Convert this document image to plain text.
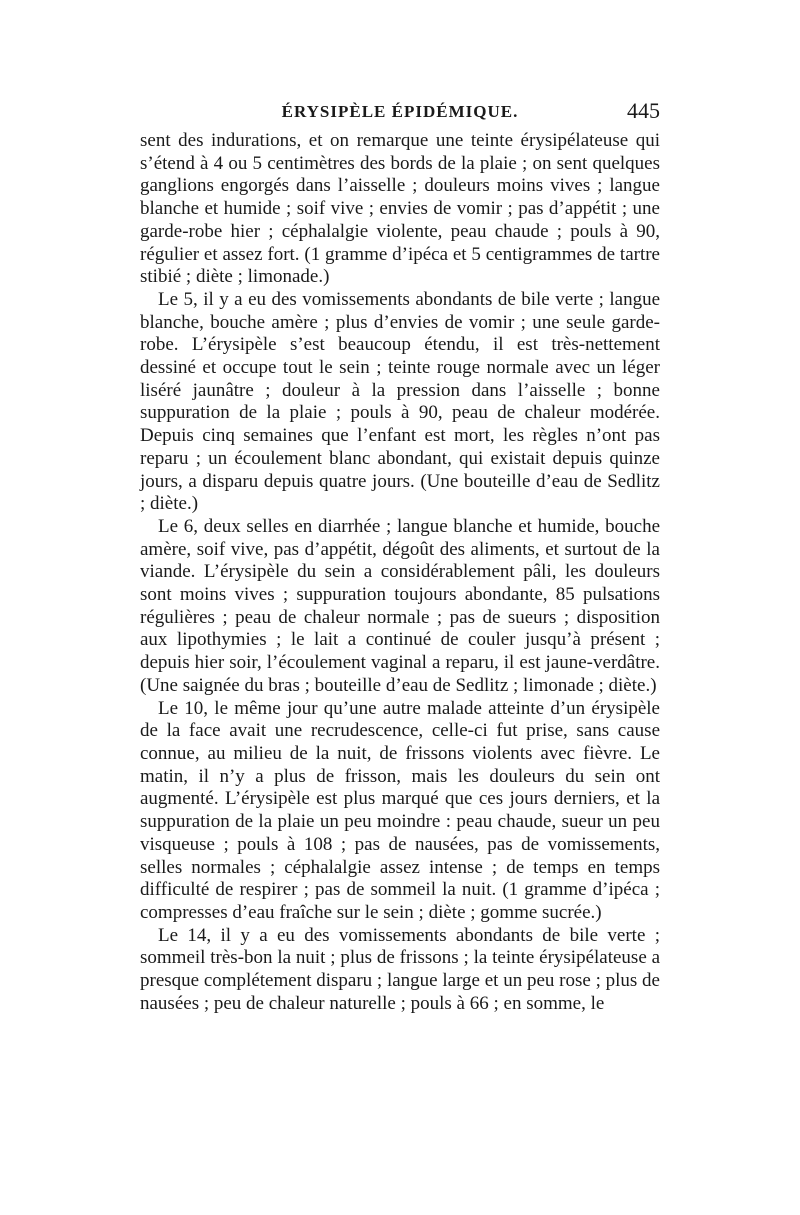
ÉRYSIPÈLE ÉPIDÉMIQUE.	445

sent des indurations, et on remarque une teinte érysipélateuse qui s’étend à 4 ou 5 centimètres des bords de la plaie ; on sent quelques ganglions engorgés dans l’aisselle ; douleurs moins vives ; langue blanche et humide ; soif vive ; envies de vomir ; pas d’appétit ; une garde-robe hier ; céphalalgie violente, peau chaude ; pouls à 90, régulier et assez fort. (1 gramme d’ipéca et 5 centigrammes de tartre stibié ; diète ; limonade.)

Le 5, il y a eu des vomissements abondants de bile verte ; langue blanche, bouche amère ; plus d’envies de vomir ; une seule garde-robe. L’érysipèle s’est beaucoup étendu, il est très-nettement dessiné et occupe tout le sein ; teinte rouge normale avec un léger liséré jaunâtre ; douleur à la pression dans l’aisselle ; bonne suppuration de la plaie ; pouls à 90, peau de chaleur modérée. Depuis cinq semaines que l’enfant est mort, les règles n’ont pas reparu ; un écoulement blanc abondant, qui existait depuis quinze jours, a disparu depuis quatre jours. (Une bouteille d’eau de Sedlitz ; diète.)

Le 6, deux selles en diarrhée ; langue blanche et humide, bouche amère, soif vive, pas d’appétit, dégoût des aliments, et surtout de la viande. L’érysipèle du sein a considérablement pâli, les douleurs sont moins vives ; suppuration toujours abondante, 85 pulsations régulières ; peau de chaleur normale ; pas de sueurs ; disposition aux lipothymies ; le lait a continué de couler jusqu’à présent ; depuis hier soir, l’écoulement vaginal a reparu, il est jaune-verdâtre. (Une saignée du bras ; bouteille d’eau de Sedlitz ; limonade ; diète.)

Le 10, le même jour qu’une autre malade atteinte d’un érysipèle de la face avait une recrudescence, celle-ci fut prise, sans cause connue, au milieu de la nuit, de frissons violents avec fièvre. Le matin, il n’y a plus de frisson, mais les douleurs du sein ont augmenté. L’érysipèle est plus marqué que ces jours derniers, et la suppuration de la plaie un peu moindre : peau chaude, sueur un peu visqueuse ; pouls à 108 ; pas de nausées, pas de vomissements, selles normales ; céphalalgie assez intense ; de temps en temps difficulté de respirer ; pas de sommeil la nuit. (1 gramme d’ipéca ; compresses d’eau fraîche sur le sein ; diète ; gomme sucrée.)

Le 14, il y a eu des vomissements abondants de bile verte ; sommeil très-bon la nuit ; plus de frissons ; la teinte érysipélateuse a presque complétement disparu ; langue large et un peu rose ; plus de nausées ; peu de chaleur naturelle ; pouls à 66 ; en somme, le
